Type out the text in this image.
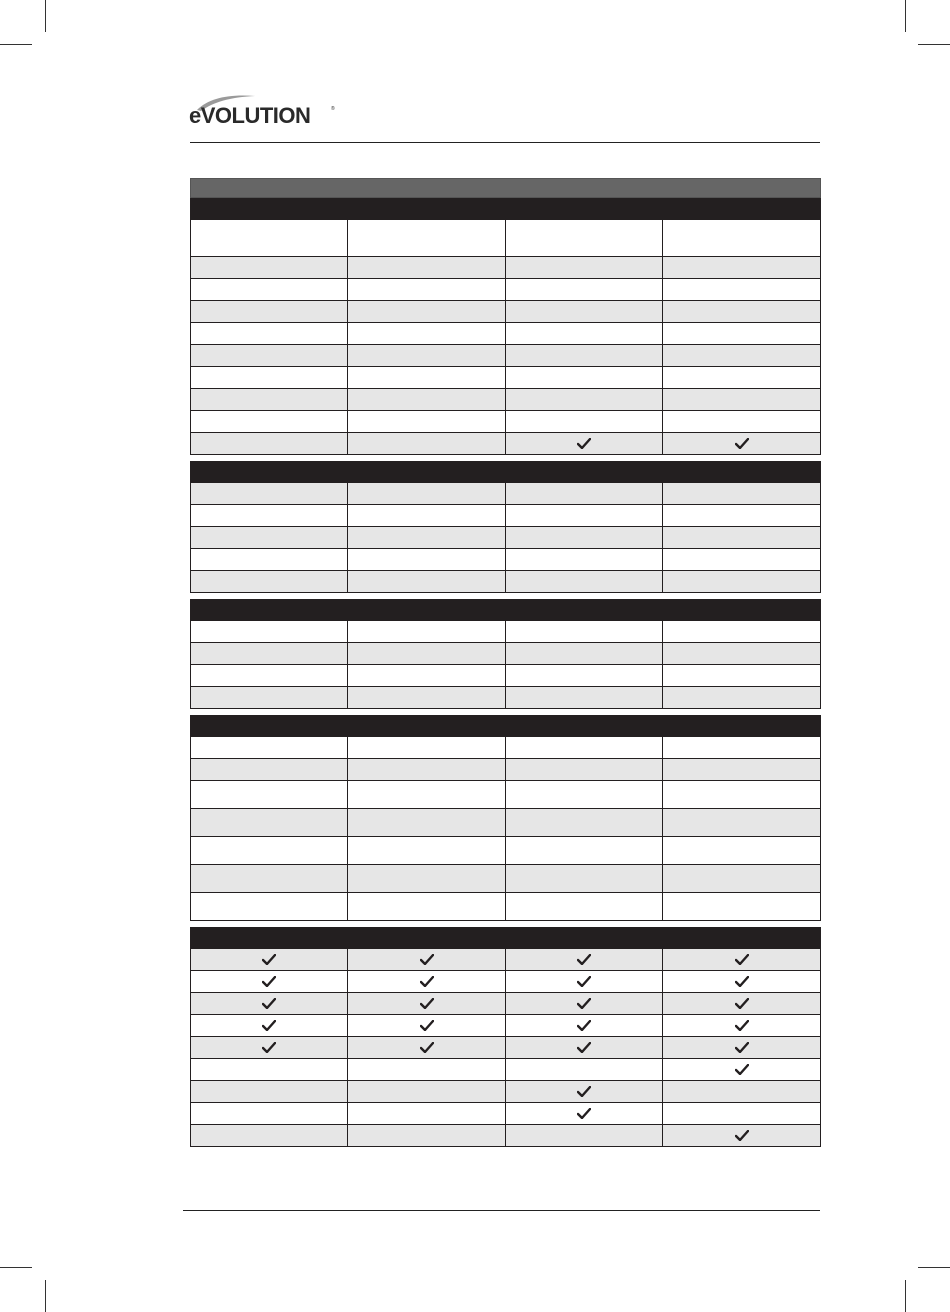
eVOLUTION	®
